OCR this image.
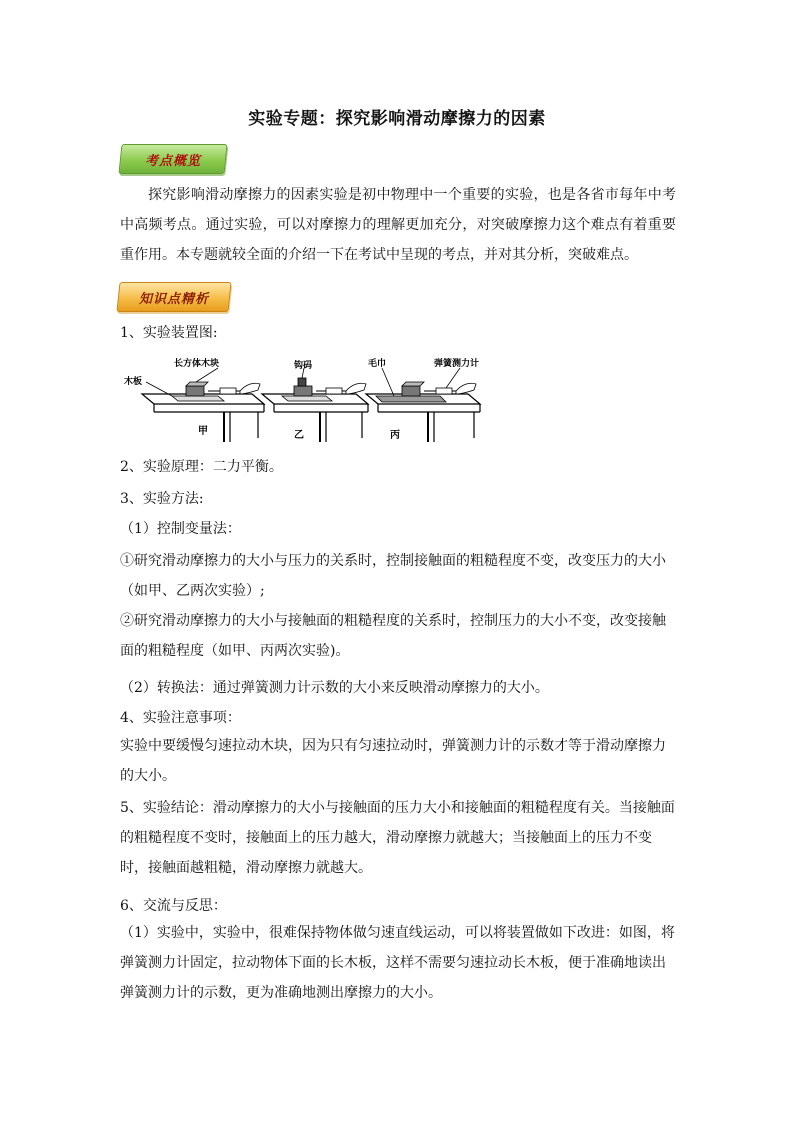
实验专题：探究影响滑动摩擦力的因素
考点概览
探究影响滑动摩擦力的因素实验是初中物理中一个重要的实验，也是各省市每年中考中高频考点。通过实验，可以对摩擦力的理解更加充分，对突破摩擦力这个难点有着重要重作用。本专题就较全面的介绍一下在考试中呈现的考点，并对其分析，突破难点。
知识点精析
1、实验装置图:
木板
长方体木块	钩码	毛巾	弹簧测力计
甲	乙	丙
2、实验原理：二力平衡。
3、实验方法:
（1）控制变量法：
①研究滑动摩擦力的大小与压力的关系时，控制接触面的粗糙程度不变，改变压力的大小（如甲、乙两次实验）;
②研究滑动摩擦力的大小与接触面的粗糙程度的关系时，控制压力的大小不变，改变接触面的粗糙程度（如甲、丙两次实验)。
（2）转换法：通过弹簧测力计示数的大小来反映滑动摩擦力的大小。
4、实验注意事项：
实验中要缓慢匀速拉动木块，因为只有匀速拉动时，弹簧测力计的示数才等于滑动摩擦力的大小。
5、实验结论：滑动摩擦力的大小与接触面的压力大小和接触面的粗糙程度有关。当接触面的粗糙程度不变时，接触面上的压力越大，滑动摩擦力就越大；当接触面上的压力不变时，接触面越粗糙，滑动摩擦力就越大。
6、交流与反思：
（1）实验中，实验中，很难保持物体做匀速直线运动，可以将装置做如下改进：如图，将弹簧测力计固定，拉动物体下面的长木板，这样不需要匀速拉动长木板，便于准确地读出弹簧测力计的示数，更为准确地测出摩擦力的大小。
